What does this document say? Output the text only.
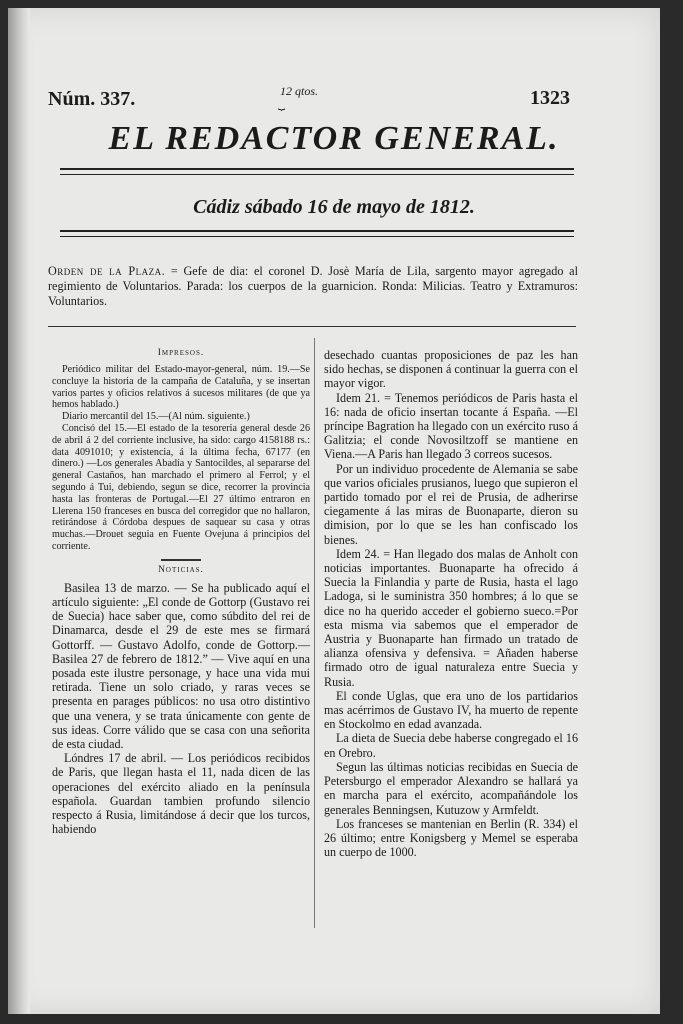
Núm. 337.	12 qtos.
⏟	1323
EL REDACTOR GENERAL.
Cádiz sábado 16 de mayo de 1812.
Orden de la Plaza. = Gefe de dia: el coronel D. Josè María de Lila, sargento mayor agregado al regimiento de Voluntarios. Parada: los cuerpos de la guarnicion. Ronda: Milicias. Teatro y Extramuros: Voluntarios.
Impresos.

Periódico militar del Estado-mayor-general, núm. 19.—Se concluye la historia de la campaña de Cataluña, y se insertan varios partes y oficios relativos á sucesos militares (de que ya hemos hablado.)

Diario mercantil del 15.—(Al núm. siguiente.)

Concisó del 15.—El estado de la tesoreria general desde 26 de abril á 2 del corriente inclusive, ha sido: cargo 4158188 rs.: data 4091010; y existencia, á la última fecha, 67177 (en dinero.) —Los generales Abadía y Santocildes, al separarse del general Castaños, han marchado el primero al Ferrol; y el segundo á Tui, debiendo, segun se dice, recorrer la provincia hasta las fronteras de Portugal.—El 27 último entraron en Llerena 150 franceses en busca del corregidor que no hallaron, retirándose á Córdoba despues de saquear su casa y otras muchas.—Drouet seguia en Fuente Ovejuna á principios del corriente.

Noticias.

Basilea 13 de marzo. — Se ha publicado aquí el artículo siguiente: „El conde de Gottorp (Gustavo rei de Suecia) hace saber que, como súbdito del rei de Dinamarca, desde el 29 de este mes se firmará Gottorff. — Gustavo Adolfo, conde de Gottorp.—Basilea 27 de febrero de 1812.” — Vive aquí en una posada este ilustre personage, y hace una vida mui retirada. Tiene un solo criado, y raras veces se presenta en parages públicos: no usa otro distintivo que una venera, y se trata únicamente con gente de sus ideas. Corre válido que se casa con una señorita de esta ciudad.

Lóndres 17 de abril. — Los periódicos recibidos de Paris, que llegan hasta el 11, nada dicen de las operaciones del exército aliado en la península española. Guardan tambien profundo silencio respecto á Rusia, limitándose á decir que los turcos, habiendo

desechado cuantas proposiciones de paz les han sido hechas, se disponen á continuar la guerra con el mayor vigor.

Idem 21. = Tenemos periódicos de Paris hasta el 16: nada de oficio insertan tocante á España. —El príncipe Bagration ha llegado con un exército ruso á Galitzia; el conde Novosiltzoff se mantiene en Viena.—A Paris han llegado 3 correos sucesos.

Por un individuo procedente de Alemania se sabe que varios oficiales prusianos, luego que supieron el partido tomado por el rei de Prusia, de adherirse ciegamente á las miras de Buonaparte, dieron su dimision, por lo que se les han confiscado los bienes.

Idem 24. = Han llegado dos malas de Anholt con noticias importantes. Buonaparte ha ofrecido á Suecia la Finlandia y parte de Rusia, hasta el lago Ladoga, si le suministra 350 hombres; á lo que se dice no ha querido acceder el gobierno sueco.=Por esta misma via sabemos que el emperador de Austria y Buonaparte han firmado un tratado de alianza ofensiva y defensiva. = Añaden haberse firmado otro de igual naturaleza entre Suecia y Rusia.

El conde Uglas, que era uno de los partidarios mas acérrimos de Gustavo IV, ha muerto de repente en Stockolmo en edad avanzada.

La dieta de Suecia debe haberse congregado el 16 en Orebro.

Segun las últimas noticias recibidas en Suecia de Petersburgo el emperador Alexandro se hallará ya en marcha para el exército, acompañándole los generales Benningsen, Kutuzow y Armfeldt.

Los franceses se mantenian en Berlin (R. 334) el 26 último; entre Konigsberg y Memel se esperaba un cuerpo de 1000.
